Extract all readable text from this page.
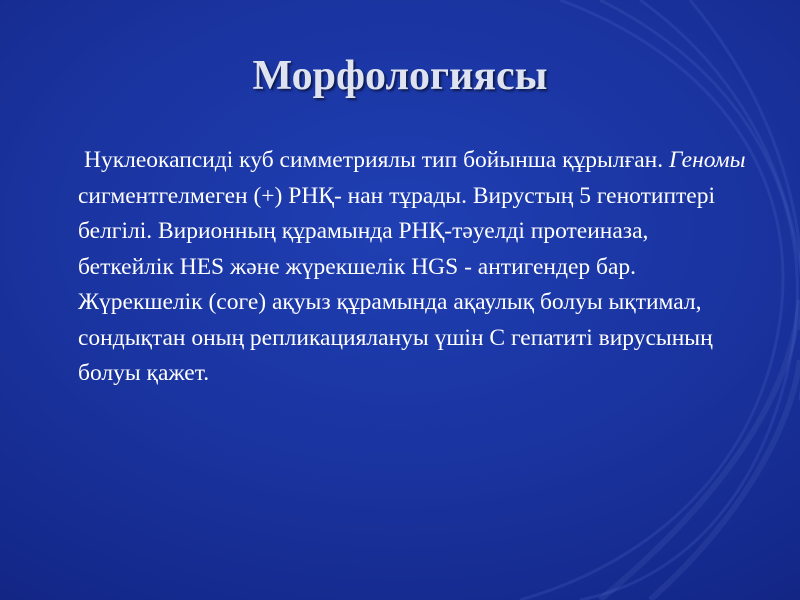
Морфологиясы

Нуклеокапсиді куб симметриялы тип бойынша құрылған. Геномы сигментгелмеген (+) РНҚ- нан тұрады. Вирустың 5 генотиптері белгілі. Вирионның құрамында РНҚ-тәуелді протеиназа, беткейлік HES және жүрекшелік HGS - антигендер бар. Жүрекшелік (соге) ақуыз құрамында ақаулық болуы ықтимал, сондықтан оның репликациялануы үшін С гепатиті вирусының болуы қажет.
